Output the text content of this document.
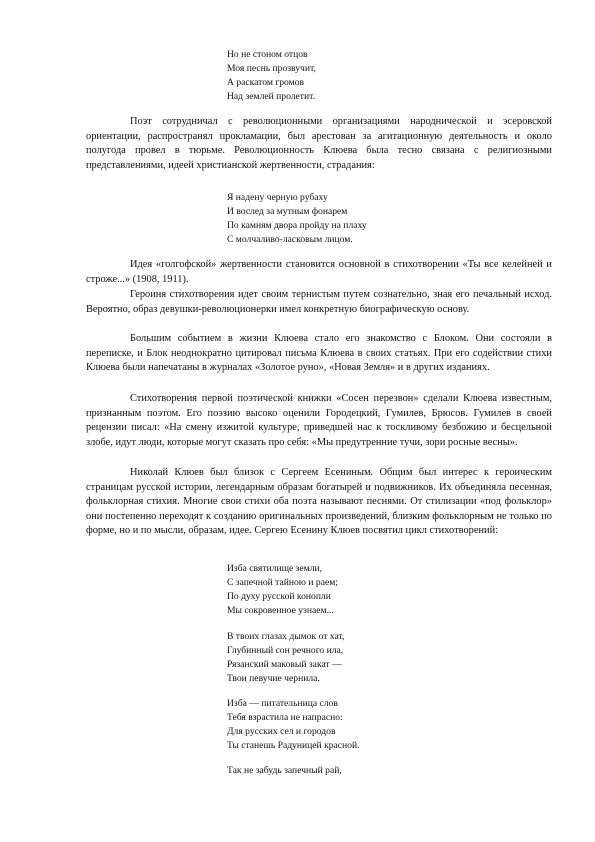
Но не стоном отцов
Моя песнь прозвучит,
А раскатом громов
Над землей пролетит.

Поэт сотрудничал с революционными организациями народнической и эсеровской ориентации, распространял прокламации, был арестован за агитационную деятельность и около полугода провел в тюрьме. Революционность Клюева была тесно связана с религиозными представлениями, идеей христианской жертвенности, страдания:

Я надену черную рубаху
И вослед за мутным фонарем
По камням двора пройду на плаху
С молчаливо-ласковым лицом.

Идея «голгофской» жертвенности становится основной в стихотворении «Ты все келейней и строже...» (1908, 1911).

Героиня стихотворения идет своим тернистым путем сознательно, зная его печальный исход. Вероятно, образ девушки-революционерки имел конкретную биографическую основу.

Большим событием в жизни Клюева стало его знакомство с Блоком. Они состояли в переписке, и Блок неоднократно цитировал письма Клюева в своих статьях. При его содействии стихи Клюева были напечатаны в журналах «Золотое руно», «Новая Земля» и в других изданиях.

Стихотворения первой поэтической книжки «Сосен перезвон» сделали Клюева известным, признанным поэтом. Его поэзию высоко оценили Городецкий, Гумилев, Брюсов. Гумилев в своей рецензии писал: «На смену изжитой культуре, приведшей нас к тоскливому безбожию и бесцельной злобе, идут люди, которые могут сказать про себя: «Мы предутренние тучи, зори росные весны».

Николай Клюев был близок с Сергеем Есениным. Общим был интерес к героическим страницам русской истории, легендарным образам богатырей и подвижников. Их объединяла песенная, фольклорная стихия. Многие свои стихи оба поэта называют песнями. От стилизации «под фольклор» они постепенно переходят к созданию оригинальных произведений, близким фольклорным не только по форме, но и по мысли, образам, идее. Сергею Есенину Клюев посвятил цикл стихотворений:

Изба святилище земли,
С запечной тайною и раем;
По духу русской конопли
Мы сокровенное узнаем...
В твоих глазах дымок от хат,
Глубинный сон речного ила,
Рязанский маковый закат —
Твои певучие чернила.
Изба — питательница слов
Тебя взрастила не напрасно:
Для русских сел и городов
Ты станешь Радуницей красной.
Так не забудь запечный рай,
